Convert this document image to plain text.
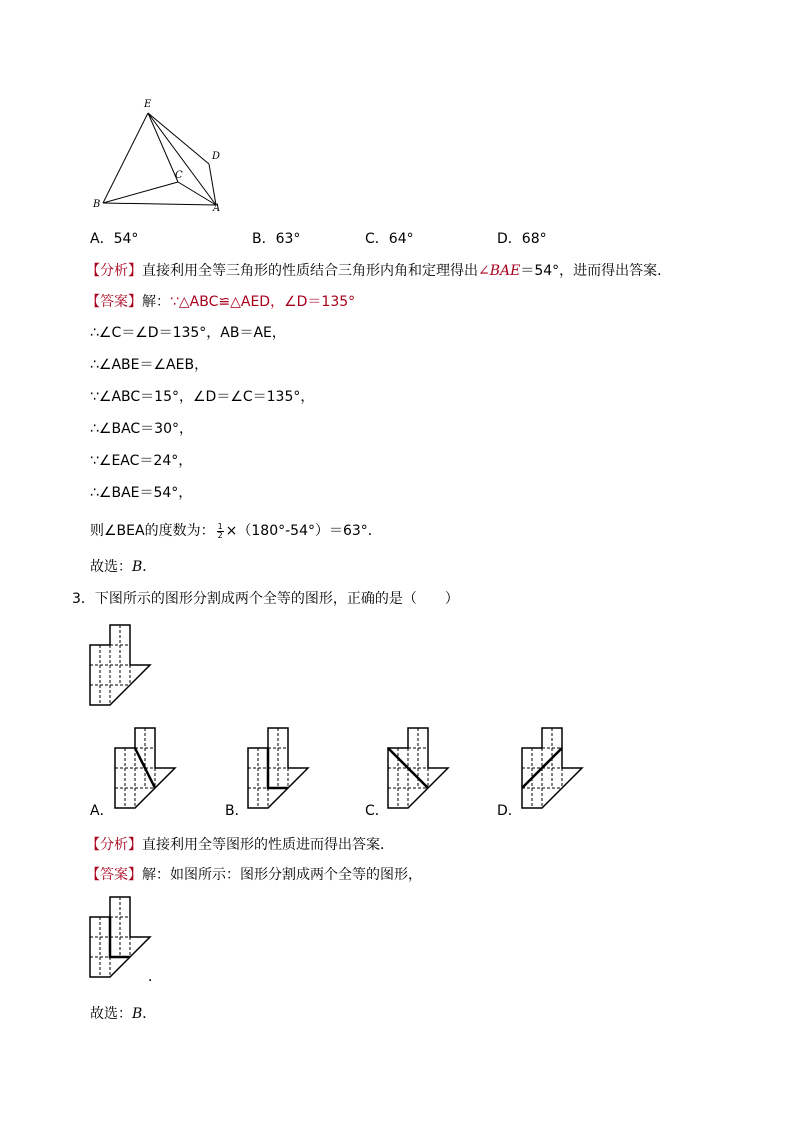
E
D
C
B	A
A．54°	B．63°	C．64°	D．68°
【分析】直接利用全等三角形的性质结合三角形内角和定理得出∠BAE＝54°，进而得出答案．
【答案】解：∵△ABC≌△AED，∠D＝135°
∴∠C＝∠D＝135°，AB＝AE，
∴∠ABE＝∠AEB，
∵∠ABC＝15°，∠D＝∠C＝135°，
∴∠BAC＝30°，
∵∠EAC＝24°，
∴∠BAE＝54°，
则∠BEA的度数为： $\frac{1}{2} \times(180^\circ-54^\circ)=63^\circ$．
故选：B．
3．下图所示的图形分割成两个全等的图形，正确的是（　　）
A．	B．	C．	D．
【分析】直接利用全等图形的性质进而得出答案．
【答案】解：如图所示：图形分割成两个全等的图形，
．
故选：B．
